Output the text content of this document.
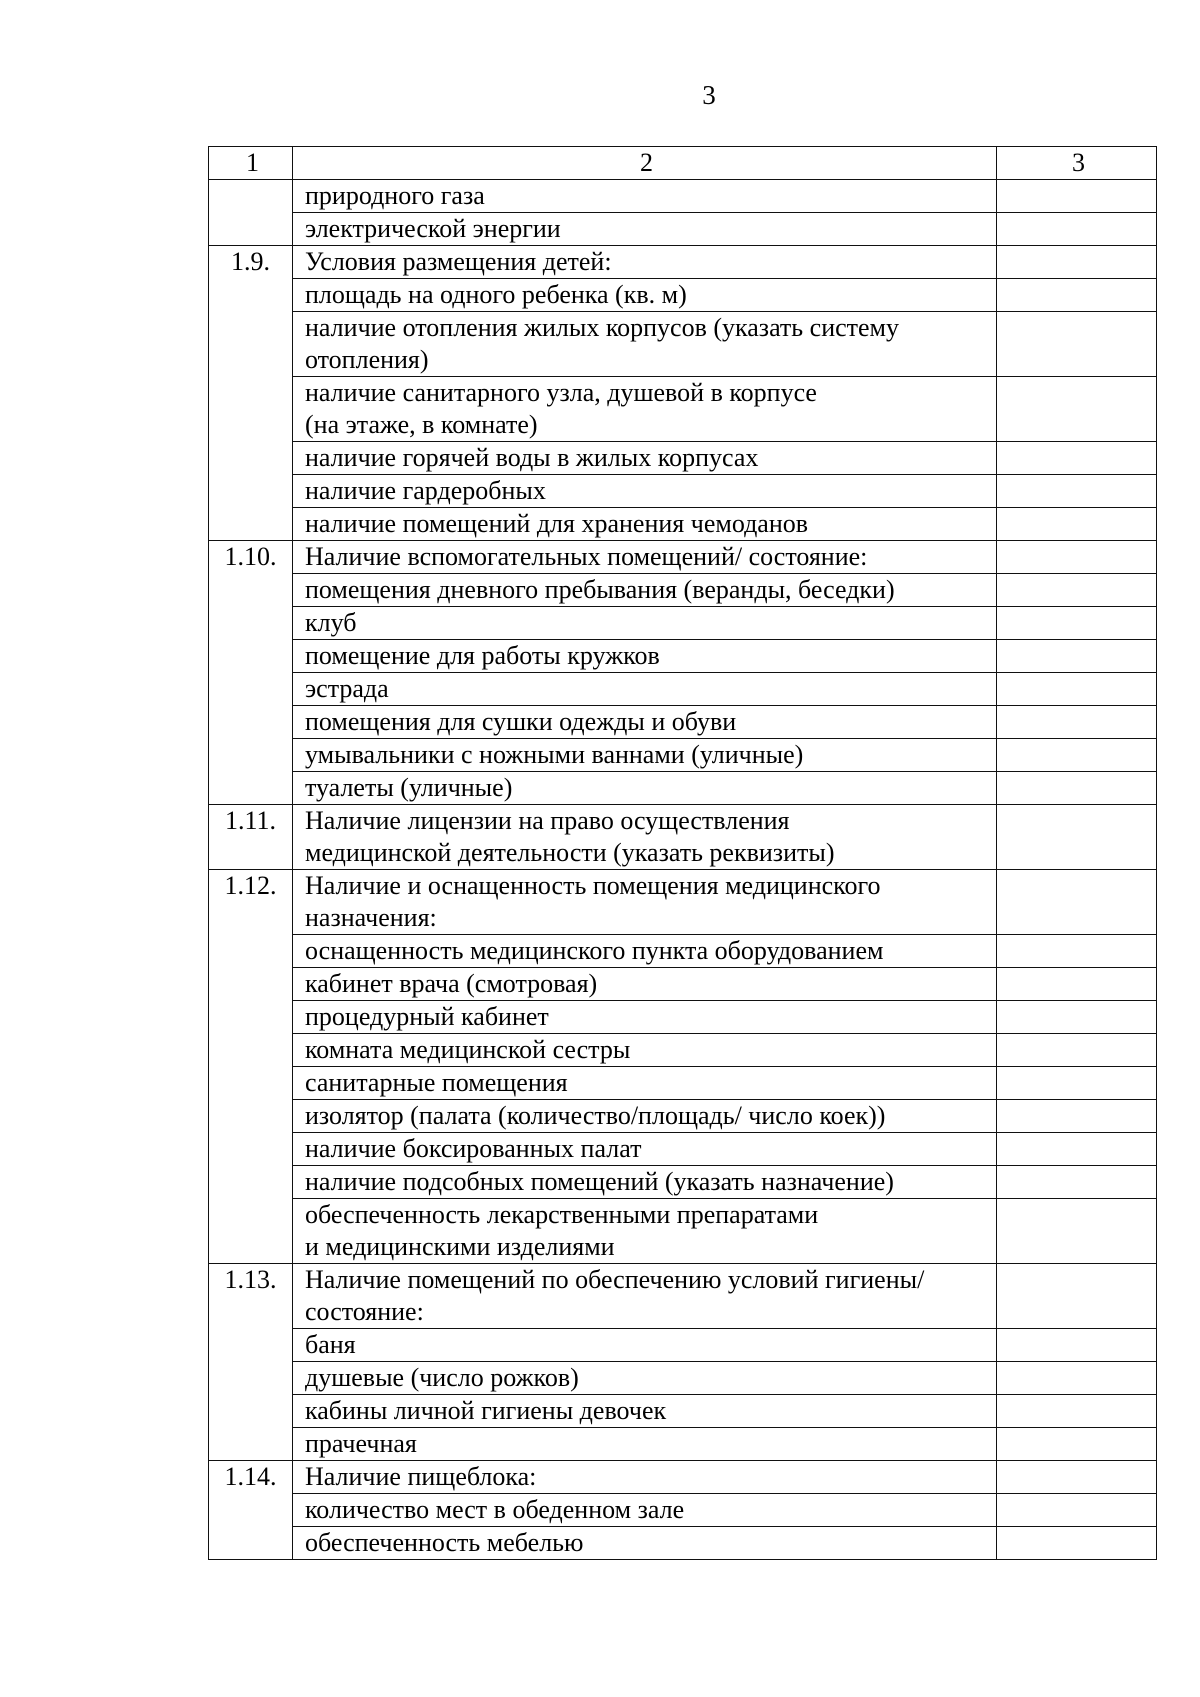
3
1	2	3
	природного газа	
	электрической энергии	
1.9.	Условия размещения детей:	
	площадь на одного ребенка (кв. м)	
	наличие отопления жилых корпусов (указать систему
отопления)	
	наличие санитарного узла, душевой в корпусе
(на этаже, в комнате)	
	наличие горячей воды в жилых корпусах	
	наличие гардеробных	
	наличие помещений для хранения чемоданов	
1.10.	Наличие вспомогательных помещений/ состояние:	
	помещения дневного пребывания (веранды, беседки)	
	клуб	
	помещение для работы кружков	
	эстрада	
	помещения для сушки одежды и обуви	
	умывальники с ножными ваннами (уличные)	
	туалеты (уличные)	
1.11.	Наличие лицензии на право осуществления
медицинской деятельности (указать реквизиты)	
1.12.	Наличие и оснащенность помещения медицинского
назначения:	
	оснащенность медицинского пункта оборудованием	
	кабинет врача (смотровая)	
	процедурный кабинет	
	комната медицинской сестры	
	санитарные помещения	
	изолятор (палата (количество/площадь/ число коек))	
	наличие боксированных палат	
	наличие подсобных помещений (указать назначение)	
	обеспеченность лекарственными препаратами
и медицинскими изделиями	
1.13.	Наличие помещений по обеспечению условий гигиены/
состояние:	
	баня	
	душевые (число рожков)	
	кабины личной гигиены девочек	
	прачечная	
1.14.	Наличие пищеблока:	
	количество мест в обеденном зале	
	обеспеченность мебелью	
